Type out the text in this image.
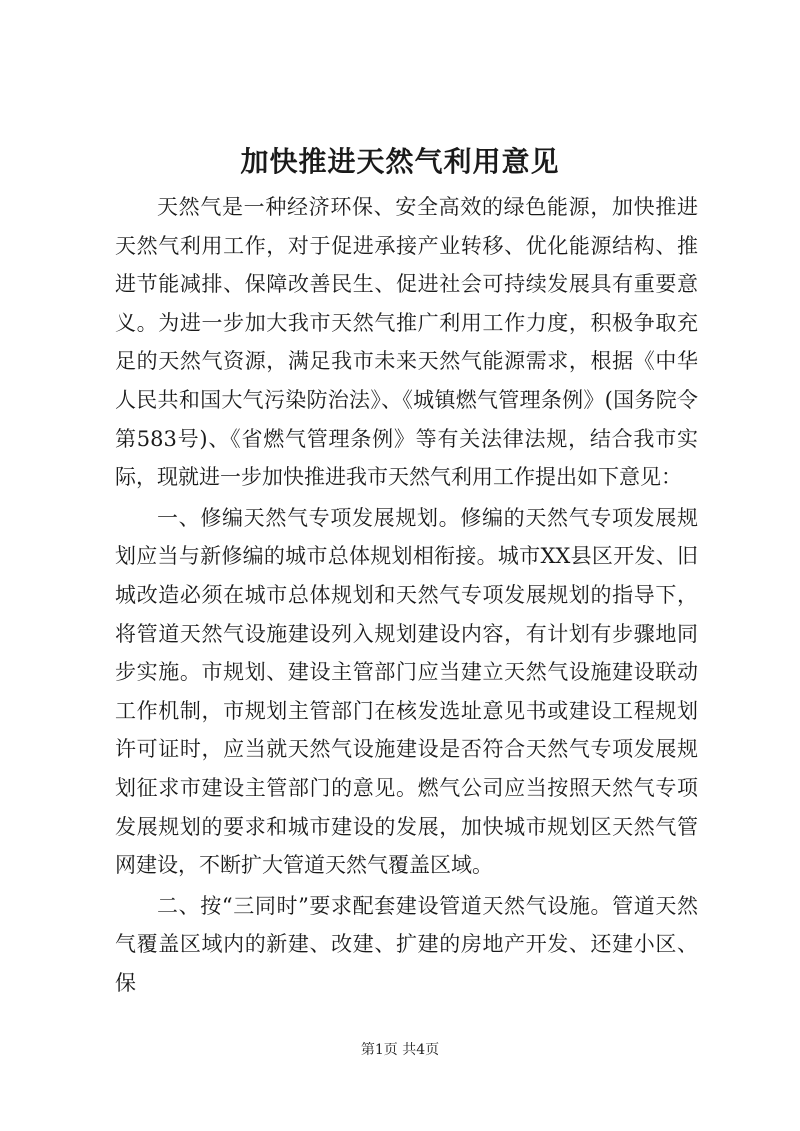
加快推进天然气利用意见

天然气是一种经济环保、安全高效的绿色能源，加快推进天然气利用工作，对于促进承接产业转移、优化能源结构、推进节能减排、保障改善民生、促进社会可持续发展具有重要意义。为进一步加大我市天然气推广利用工作力度，积极争取充足的天然气资源，满足我市未来天然气能源需求，根据《中华人民共和国大气污染防治法》、《城镇燃气管理条例》(国务院令第583号)、《省燃气管理条例》等有关法律法规，结合我市实际，现就进一步加快推进我市天然气利用工作提出如下意见：

一、修编天然气专项发展规划。修编的天然气专项发展规划应当与新修编的城市总体规划相衔接。城市XX县区开发、旧城改造必须在城市总体规划和天然气专项发展规划的指导下，将管道天然气设施建设列入规划建设内容，有计划有步骤地同步实施。市规划、建设主管部门应当建立天然气设施建设联动工作机制，市规划主管部门在核发选址意见书或建设工程规划许可证时，应当就天然气设施建设是否符合天然气专项发展规划征求市建设主管部门的意见。燃气公司应当按照天然气专项发展规划的要求和城市建设的发展，加快城市规划区天然气管网建设，不断扩大管道天然气覆盖区域。

二、按“三同时”要求配套建设管道天然气设施。管道天然气覆盖区域内的新建、改建、扩建的房地产开发、还建小区、保

第1页 共4页
